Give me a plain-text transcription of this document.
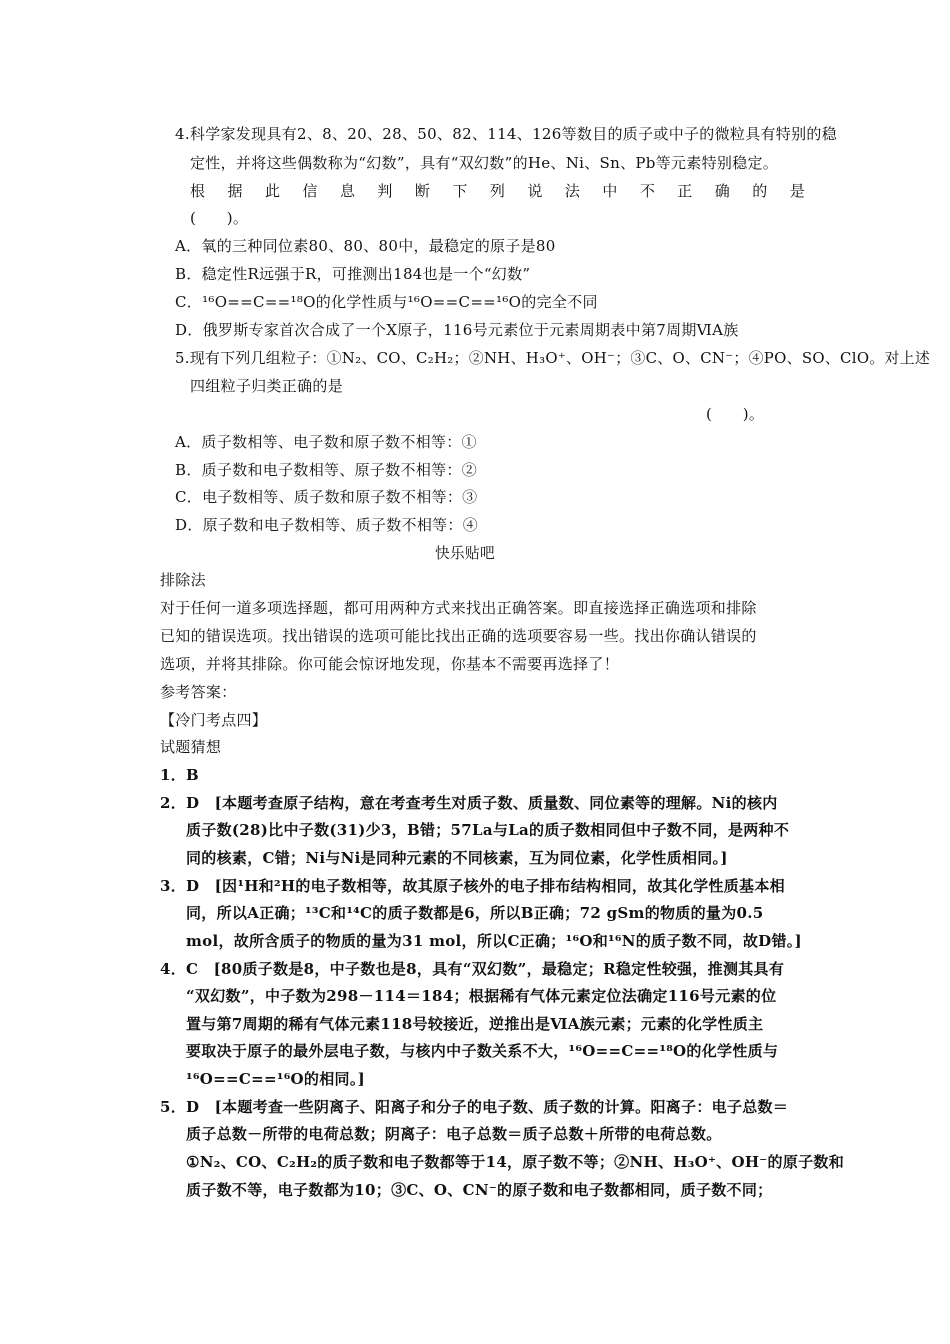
4.科学家发现具有2、8、20、28、50、82、114、126等数目的质子或中子的微粒具有特别的稳
定性，并将这些偶数称为“幻数”，具有“双幻数”的He、Ni、Sn、Pb等元素特别稳定。
根 据 此 信 息 判 断 下 列 说 法 中 不 正 确 的 是
(　　)。
A．氧的三种同位素80、80、80中，最稳定的原子是80
B．稳定性R远强于R，可推测出184也是一个“幻数”
C．¹⁶O==C==¹⁸O的化学性质与¹⁶O==C==¹⁶O的完全不同
D．俄罗斯专家首次合成了一个X原子，116号元素位于元素周期表中第7周期ⅥA族
5.现有下列几组粒子：①N₂、CO、C₂H₂；②NH、H₃O⁺、OH⁻；③C、O、CN⁻；④PO、SO、ClO。对上述
四组粒子归类正确的是
(　　)。
A．质子数相等、电子数和原子数不相等：①
B．质子数和电子数相等、原子数不相等：②
C．电子数相等、质子数和原子数不相等：③
D．原子数和电子数相等、质子数不相等：④
快乐贴吧
排除法
对于任何一道多项选择题，都可用两种方式来找出正确答案。即直接选择正确选项和排除
已知的错误选项。找出错误的选项可能比找出正确的选项要容易一些。找出你确认错误的
选项，并将其排除。你可能会惊讶地发现，你基本不需要再选择了！
参考答案：
【冷门考点四】
试题猜想
1．B
2．D　[本题考查原子结构，意在考查考生对质子数、质量数、同位素等的理解。Ni的核内
质子数(28)比中子数(31)少3，B错；57La与La的质子数相同但中子数不同，是两种不
同的核素，C错；Ni与Ni是同种元素的不同核素，互为同位素，化学性质相同。]
3．D　[因¹H和²H的电子数相等，故其原子核外的电子排布结构相同，故其化学性质基本相
同，所以A正确；¹³C和¹⁴C的质子数都是6，所以B正确；72 gSm的物质的量为0.5
mol，故所含质子的物质的量为31 mol，所以C正确；¹⁶O和¹⁶N的质子数不同，故D错。]
4．C　[80质子数是8，中子数也是8，具有“双幻数”，最稳定；R稳定性较强，推测其具有
“双幻数”，中子数为298－114＝184；根据稀有气体元素定位法确定116号元素的位
置与第7周期的稀有气体元素118号较接近，逆推出是ⅥA族元素；元素的化学性质主
要取决于原子的最外层电子数，与核内中子数关系不大，¹⁶O==C==¹⁸O的化学性质与
¹⁶O==C==¹⁶O的相同。]
5．D　[本题考查一些阴离子、阳离子和分子的电子数、质子数的计算。阳离子：电子总数＝
质子总数－所带的电荷总数；阴离子：电子总数＝质子总数＋所带的电荷总数。
①N₂、CO、C₂H₂的质子数和电子数都等于14，原子数不等；②NH、H₃O⁺、OH⁻的原子数和
质子数不等，电子数都为10；③C、O、CN⁻的原子数和电子数都相同，质子数不同；
